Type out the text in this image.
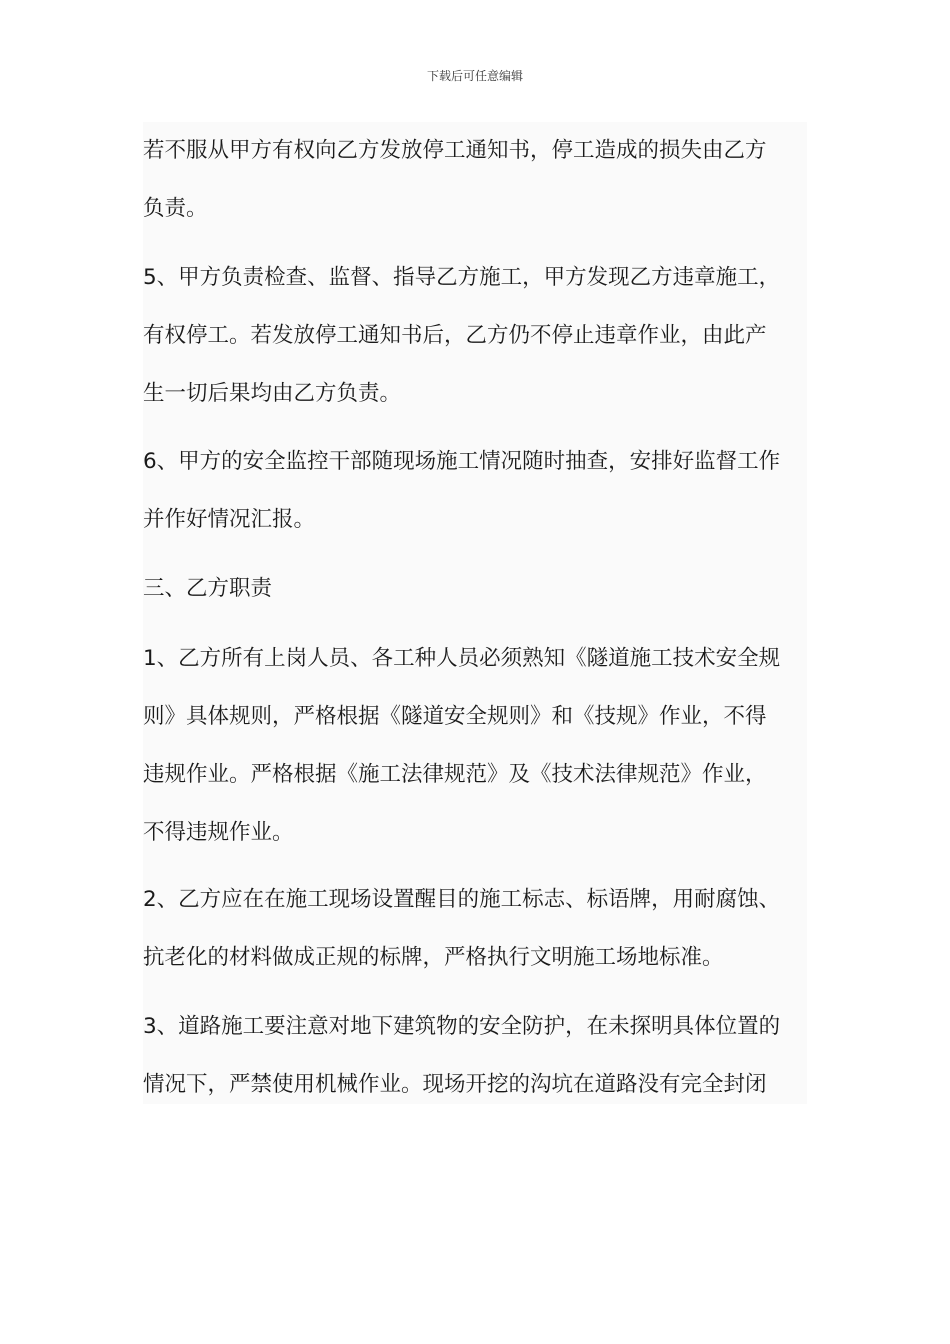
下载后可任意编辑
若不服从甲方有权向乙方发放停工通知书，停工造成的损失由乙方
负责。
5、甲方负责检查、监督、指导乙方施工，甲方发现乙方违章施工，
有权停工。若发放停工通知书后，乙方仍不停止违章作业，由此产
生一切后果均由乙方负责。
6、甲方的安全监控干部随现场施工情况随时抽查，安排好监督工作
并作好情况汇报。
三、乙方职责
1、乙方所有上岗人员、各工种人员必须熟知《隧道施工技术安全规
则》具体规则，严格根据《隧道安全规则》和《技规》作业，不得
违规作业。严格根据《施工法律规范》及《技术法律规范》作业，
不得违规作业。
2、乙方应在在施工现场设置醒目的施工标志、标语牌，用耐腐蚀、
抗老化的材料做成正规的标牌，严格执行文明施工场地标准。
3、道路施工要注意对地下建筑物的安全防护，在未探明具体位置的
情况下，严禁使用机械作业。现场开挖的沟坑在道路没有完全封闭
